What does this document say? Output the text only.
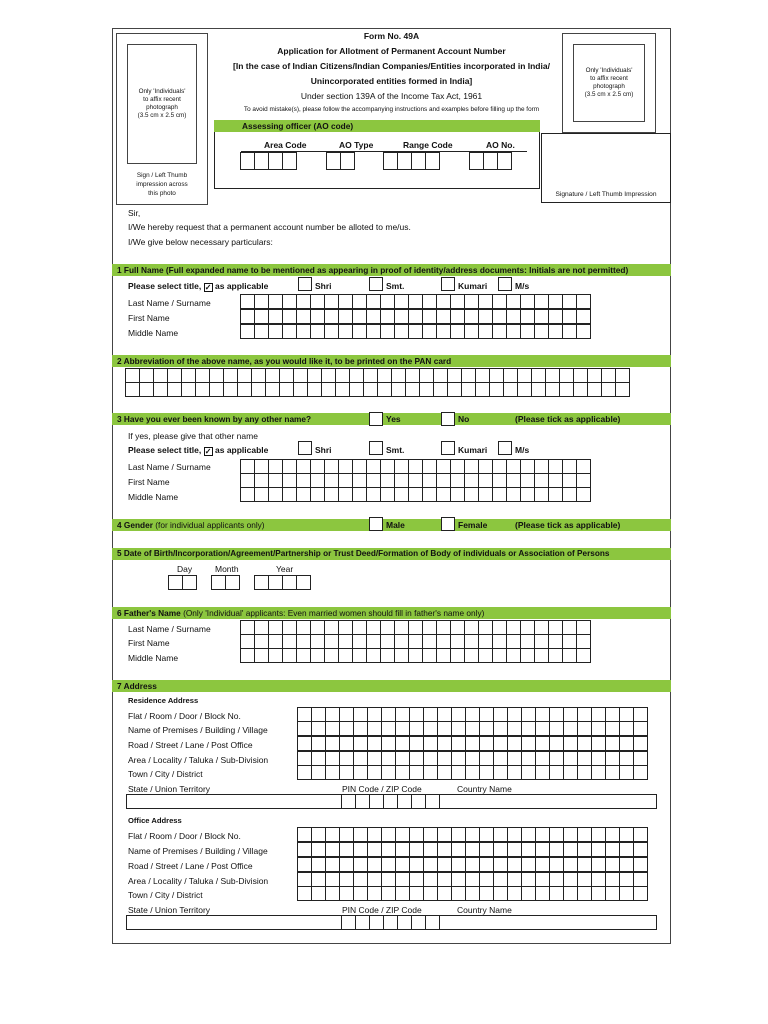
Form No. 49A
Application for Allotment of Permanent Account Number
[In the case of Indian Citizens/Indian Companies/Entities incorporated in India/
Unincorporated entities formed in India]
Under section 139A of the Income Tax Act, 1961
To avoid mistake(s), please follow the accompanying instructions and examples before filling up the form
Only 'Individuals'
to affix recent
photograph
(3.5 cm x 2.5 cm)
Sign / Left Thumb
impression across
this photo
Only 'Individuals'
to affix recent
photograph
(3.5 cm x 2.5 cm)
Signature / Left Thumb Impression
Assessing officer (AO code)
Area Code	AO Type	Range Code	AO No.
Sir,
I/We hereby request that a permanent account number be alloted to me/us.
I/We give below necessary particulars:
1 Full Name (Full expanded name to be mentioned as appearing in proof of identity/address documents: Initials are not permitted)
Please select title, ✓ as applicable	Shri	Smt.	Kumari	M/s
Last Name / Surname
First Name
Middle Name
2 Abbreviation of the above name, as you would like it, to be printed on the PAN card
3 Have you ever been known by any other name?	Yes	No	(Please tick as applicable)
If yes, please give that other name
Please select title, ✓ as applicable	Shri	Smt.	Kumari	M/s
Last Name / Surname
First Name
Middle Name
4 Gender (for individual applicants only)	Male	Female	(Please tick as applicable)
5 Date of Birth/Incorporation/Agreement/Partnership or Trust Deed/Formation of Body of individuals or Association of Persons
Day	Month	Year
6 Father's Name (Only 'Individual' applicants: Even married women should fill in father's name only)
Last Name / Surname
First Name
Middle Name
7 Address
Residence Address
Flat / Room / Door / Block No.
Name of Premises / Building / Village
Road / Street / Lane / Post Office
Area / Locality / Taluka / Sub-Division
Town / City / District
State / Union Territory	PIN Code / ZIP Code	Country Name
Office Address
Flat / Room / Door / Block No.
Name of Premises / Building / Village
Road / Street / Lane / Post Office
Area / Locality / Taluka / Sub-Division
Town / City / District
State / Union Territory	PIN Code / ZIP Code	Country Name
